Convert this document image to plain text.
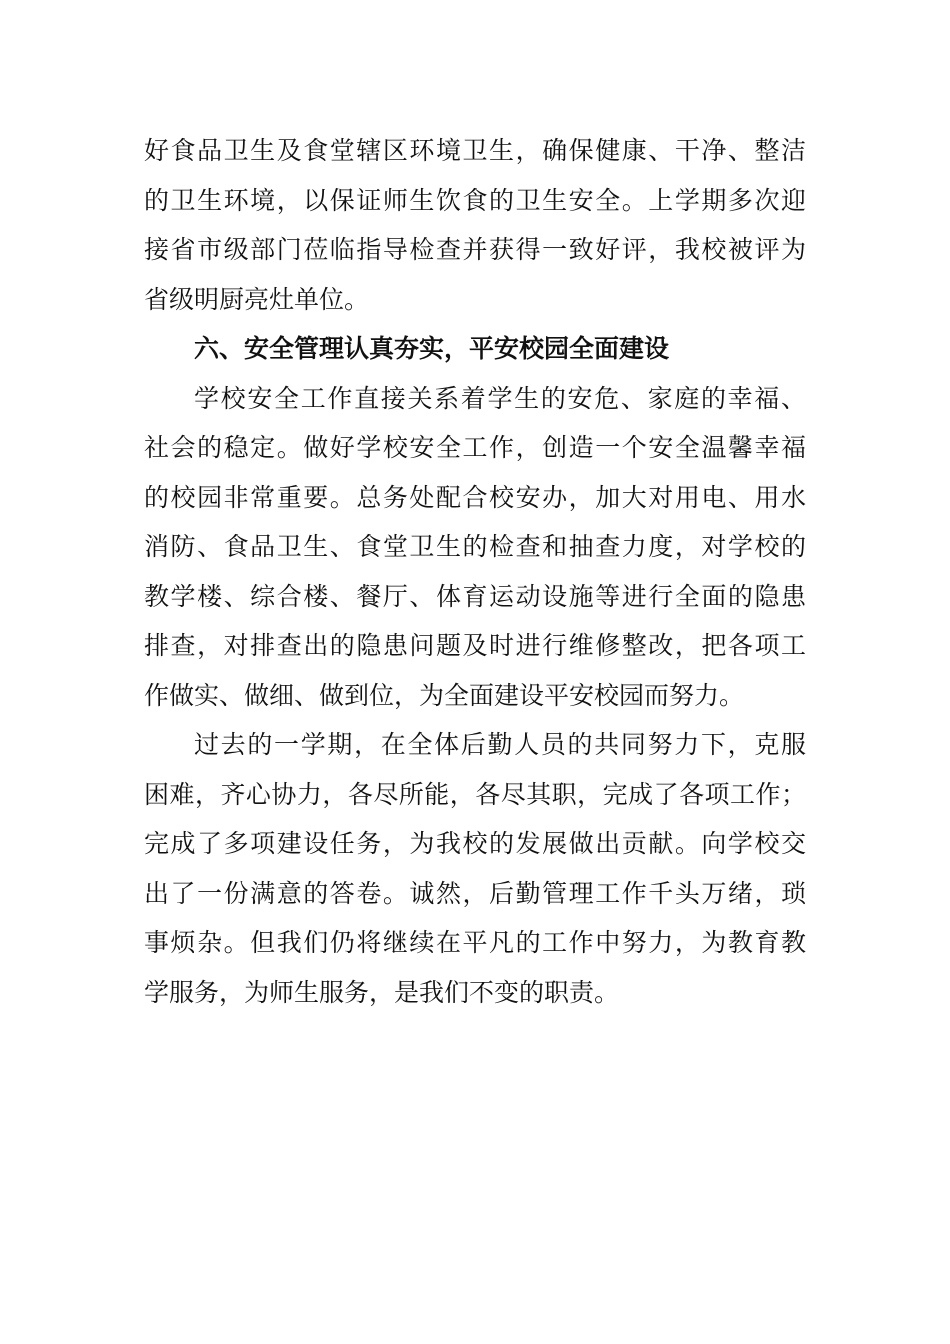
好食品卫生及食堂辖区环境卫生，确保健康、干净、整洁
的卫生环境，以保证师生饮食的卫生安全。上学期多次迎
接省市级部门莅临指导检查并获得一致好评，我校被评为
省级明厨亮灶单位。
六、安全管理认真夯实，平安校园全面建设
学校安全工作直接关系着学生的安危、家庭的幸福、
社会的稳定。做好学校安全工作，创造一个安全温馨幸福
的校园非常重要。总务处配合校安办，加大对用电、用水
消防、食品卫生、食堂卫生的检查和抽查力度，对学校的
教学楼、综合楼、餐厅、体育运动设施等进行全面的隐患
排查，对排查出的隐患问题及时进行维修整改，把各项工
作做实、做细、做到位，为全面建设平安校园而努力。
过去的一学期，在全体后勤人员的共同努力下，克服
困难，齐心协力，各尽所能，各尽其职，完成了各项工作；
完成了多项建设任务，为我校的发展做出贡献。向学校交
出了一份满意的答卷。诚然，后勤管理工作千头万绪，琐
事烦杂。但我们仍将继续在平凡的工作中努力，为教育教
学服务，为师生服务，是我们不变的职责。
